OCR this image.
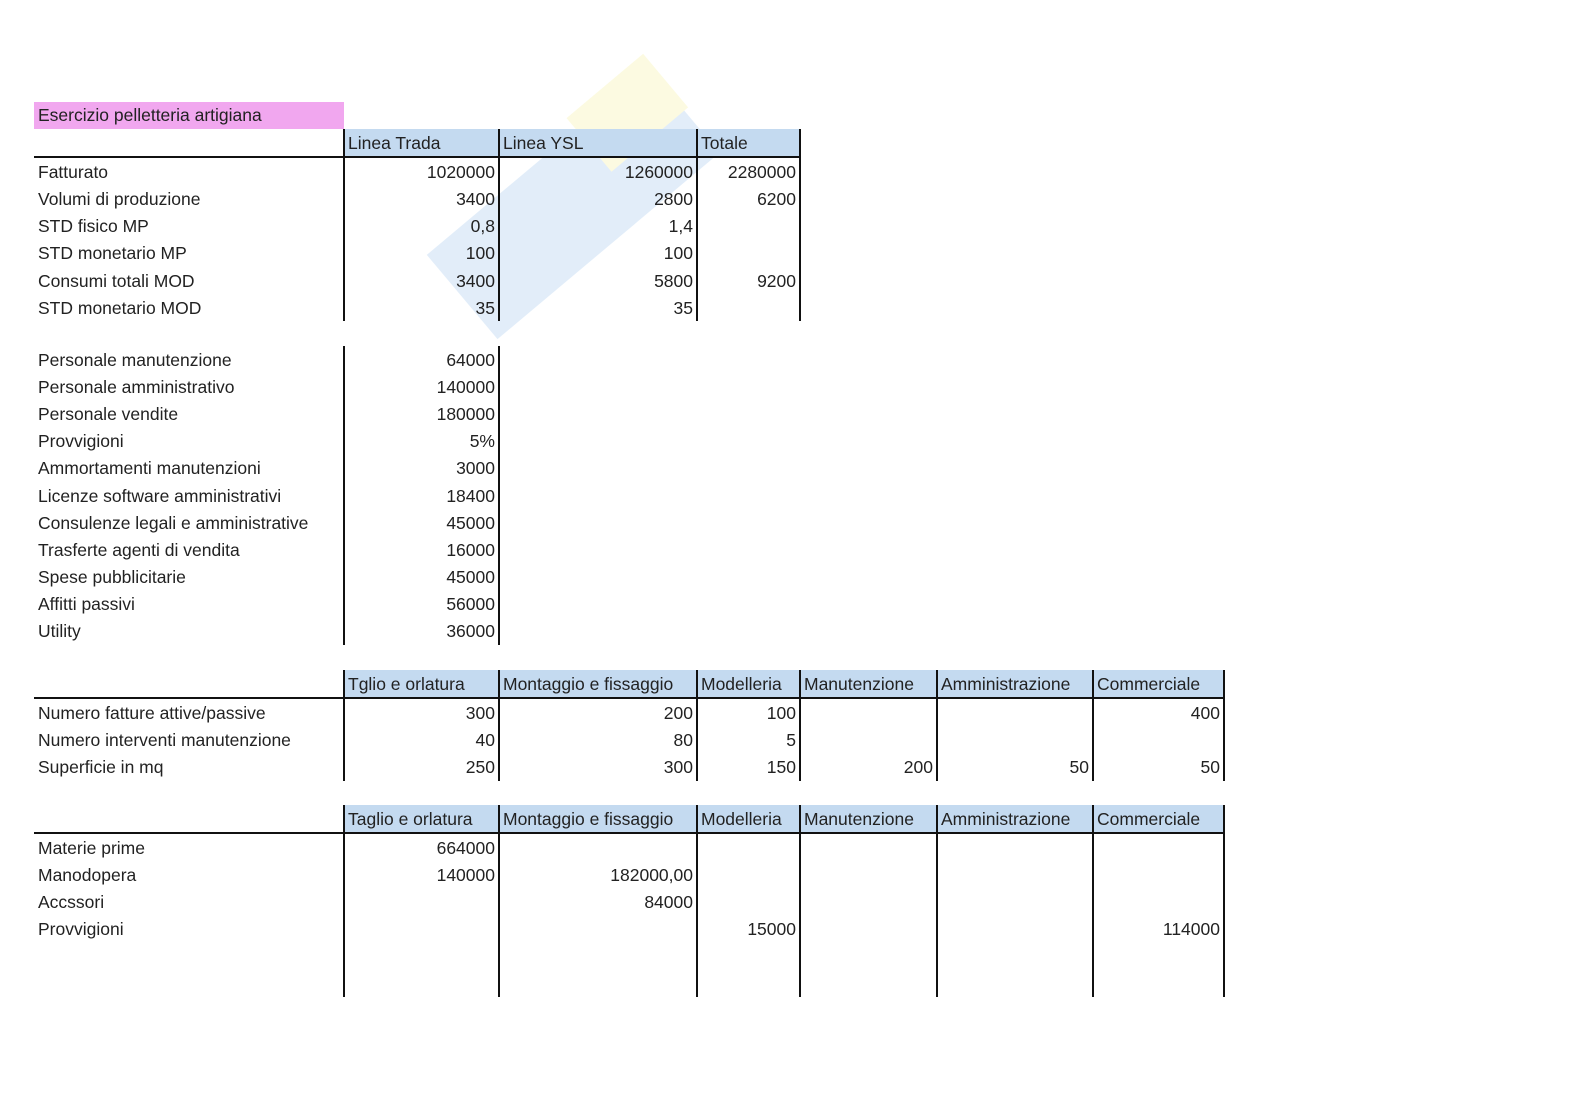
Esercizio pelletteria artigiana
	Linea Trada	Linea YSL	Totale
Fatturato	1020000	1260000	2280000
Volumi di produzione	3400	2800	6200
STD fisico MP	0,8	1,4	
STD monetario MP	100	100	
Consumi totali MOD	3400	5800	9200
STD monetario MOD	35	35	
Personale manutenzione	64000
Personale amministrativo	140000
Personale vendite	180000
Provvigioni	5%
Ammortamenti manutenzioni	3000
Licenze software amministrativi	18400
Consulenze legali e amministrative	45000
Trasferte agenti di vendita	16000
Spese pubblicitarie	45000
Affitti passivi	56000
Utility	36000
	Tglio e orlatura	Montaggio e fissaggio	Modelleria	Manutenzione	Amministrazione	Commerciale
Numero fatture attive/passive	300	200	100			400
Numero interventi manutenzione	40	80	5			
Superficie in mq	250	300	150	200	50	50
	Taglio e orlatura	Montaggio e fissaggio	Modelleria	Manutenzione	Amministrazione	Commerciale
Materie prime	664000					
Manodopera	140000	182000,00				
Accssori		84000				
Provvigioni			15000			114000
